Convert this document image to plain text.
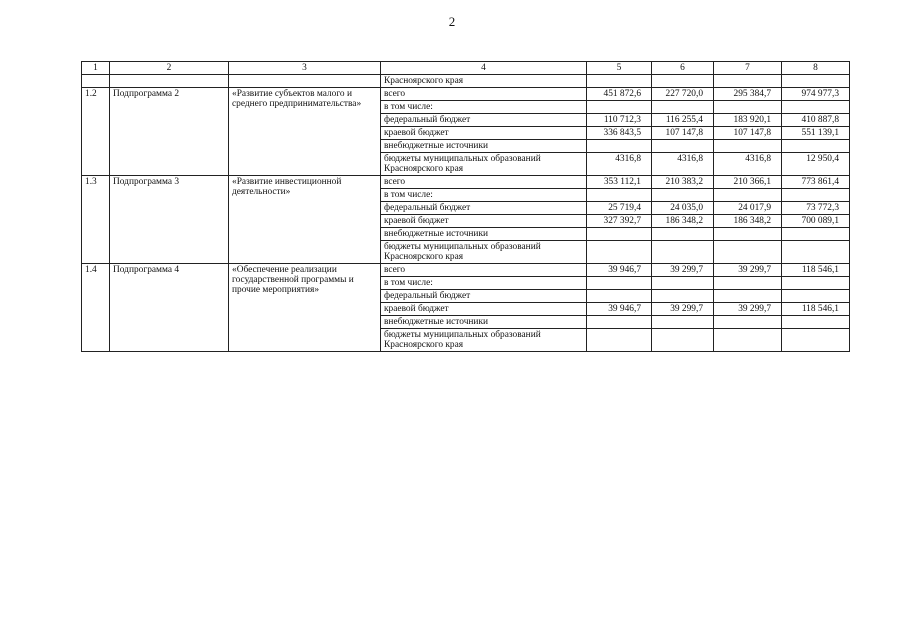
2
1	2	3	4	5	6	7	8
			Красноярского края				
1.2	Подпрограмма 2	«Развитие субъектов малого и среднего предпринимательства»	всего	451 872,6	227 720,0	295 384,7	974 977,3
			в том числе:				
			федеральный бюджет	110 712,3	116 255,4	183 920,1	410 887,8
			краевой бюджет	336 843,5	107 147,8	107 147,8	551 139,1
			внебюджетные источники				
			бюджеты муниципальных образований Красноярского края	4316,8	4316,8	4316,8	12 950,4
1.3	Подпрограмма 3	«Развитие инвестиционной деятельности»	всего	353 112,1	210 383,2	210 366,1	773 861,4
			в том числе:				
			федеральный бюджет	25 719,4	24 035,0	24 017,9	73 772,3
			краевой бюджет	327 392,7	186 348,2	186 348,2	700 089,1
			внебюджетные источники				
			бюджеты муниципальных образований Красноярского края				
1.4	Подпрограмма 4	«Обеспечение реализации государственной программы и прочие мероприятия»	всего	39 946,7	39 299,7	39 299,7	118 546,1
			в том числе:				
			федеральный бюджет				
			краевой бюджет	39 946,7	39 299,7	39 299,7	118 546,1
			внебюджетные источники				
			бюджеты муниципальных образований Красноярского края				
